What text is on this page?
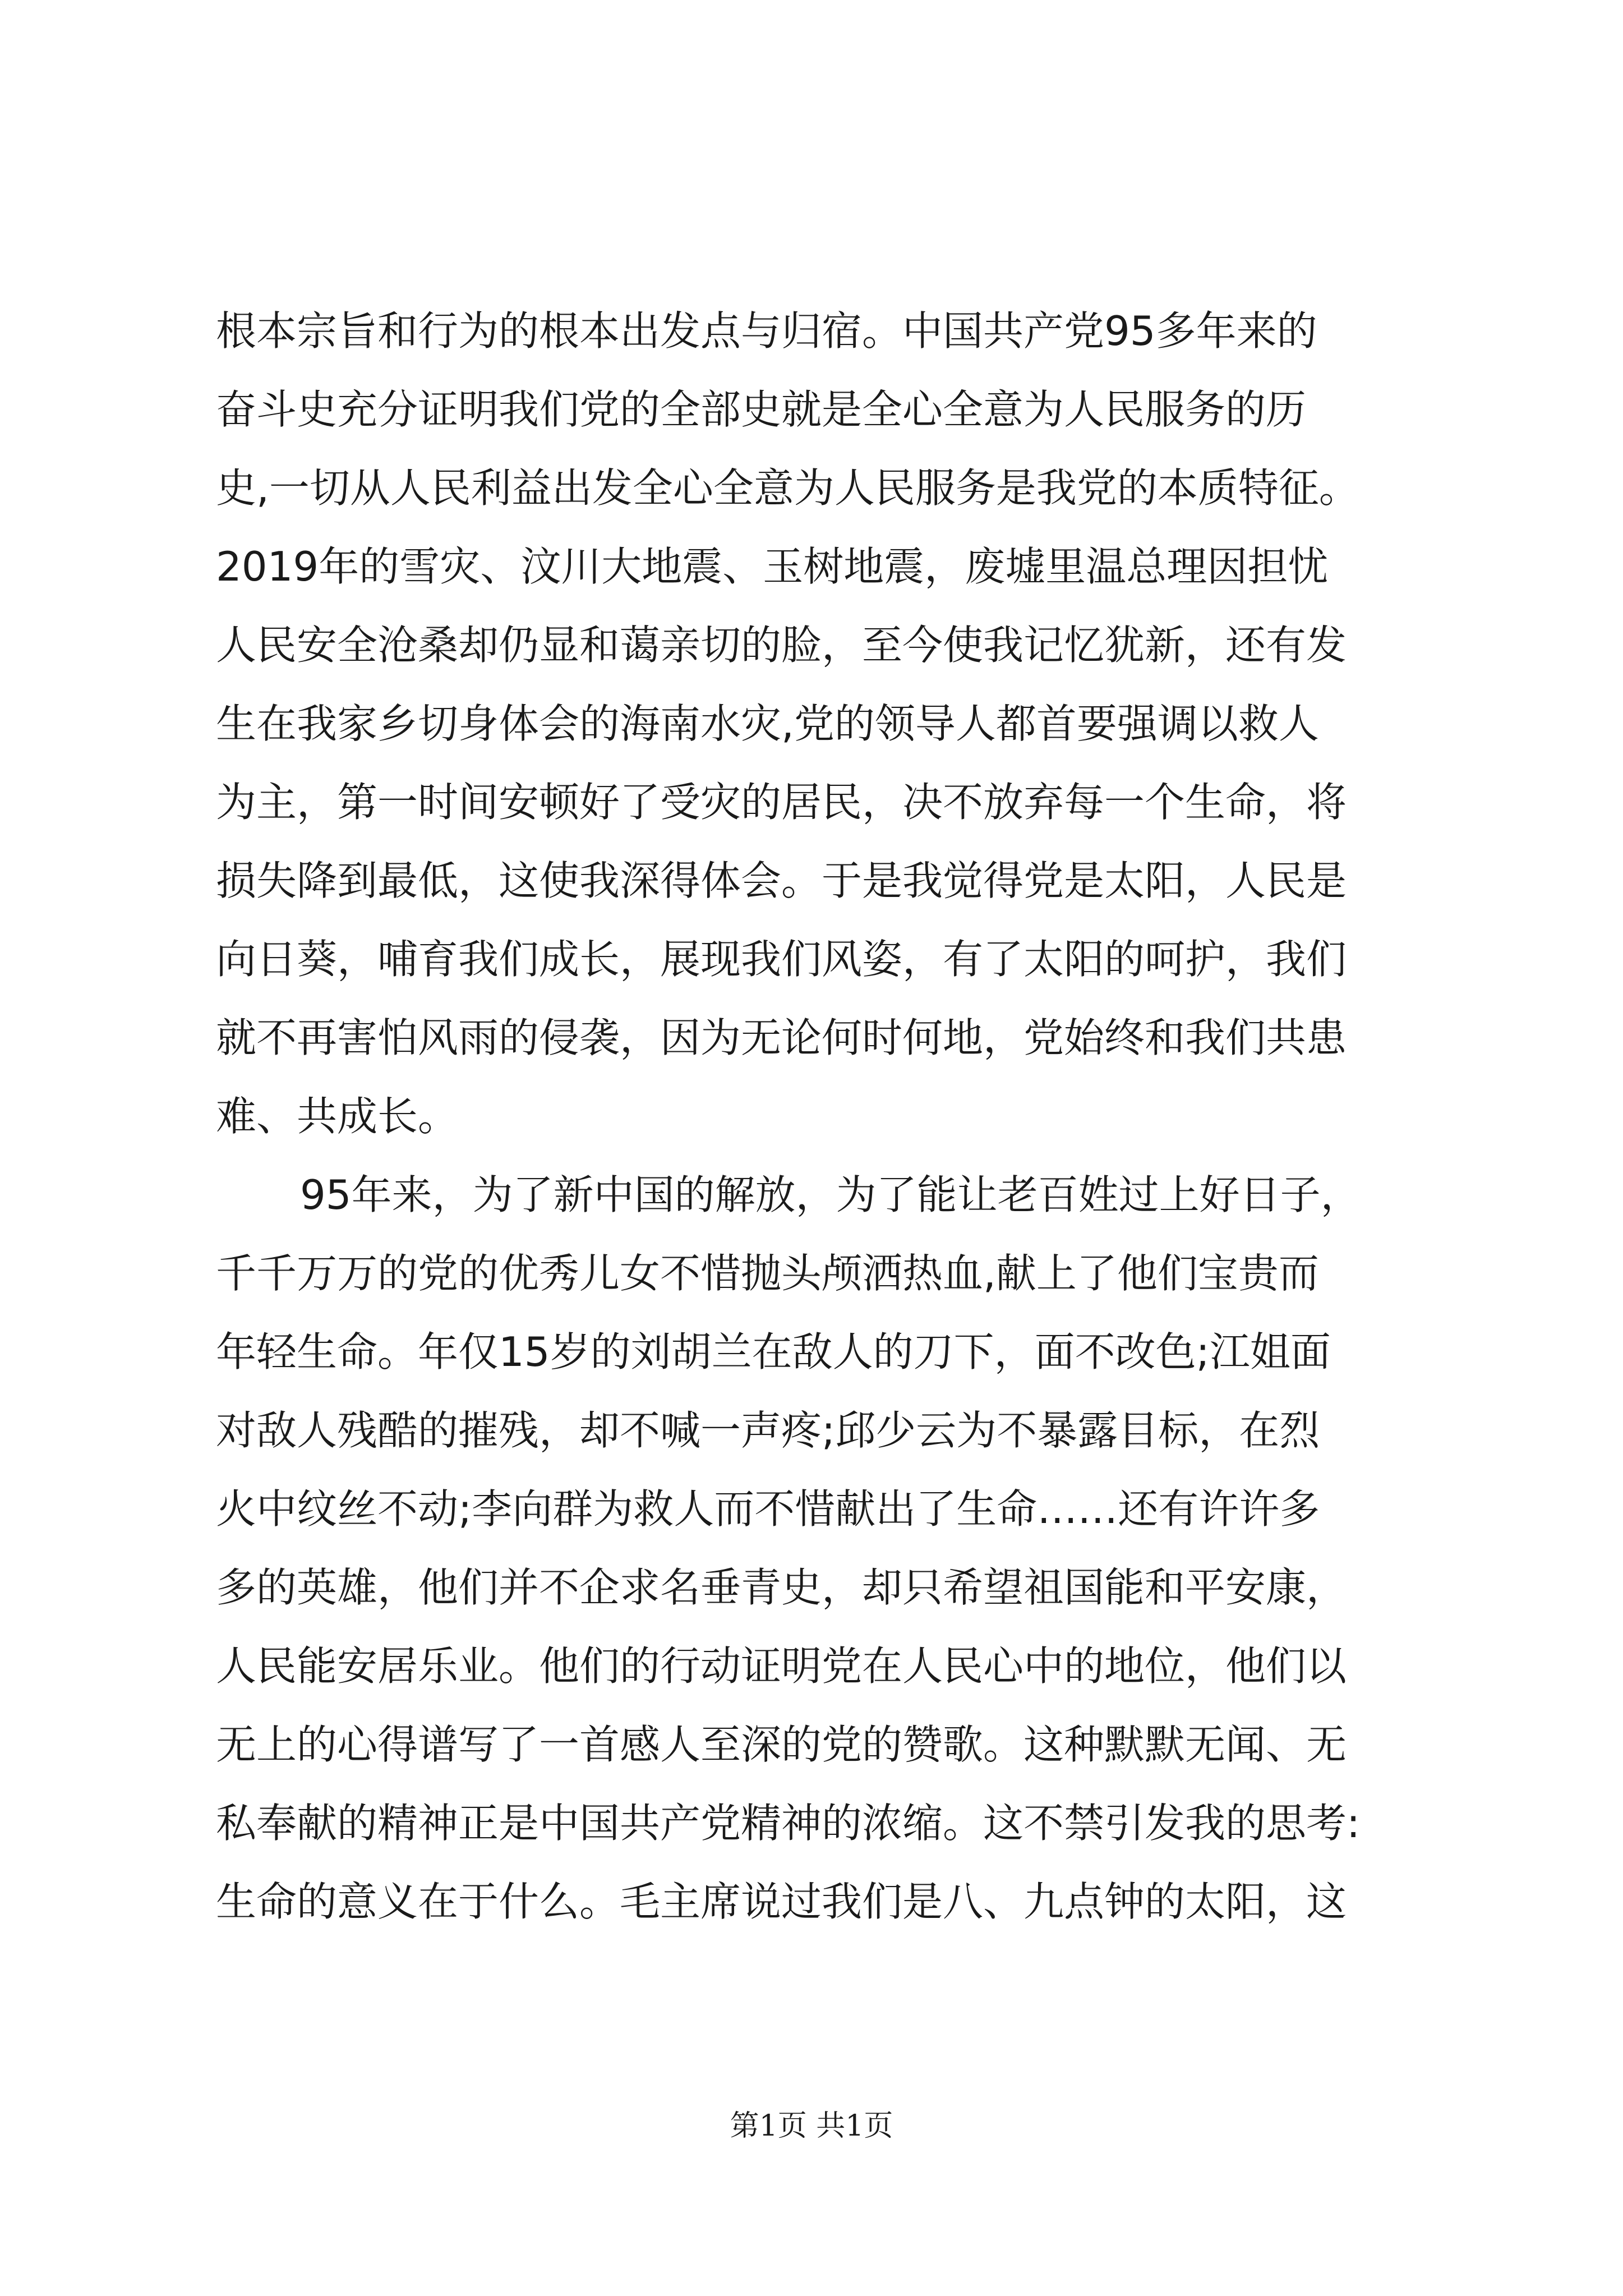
根本宗旨和行为的根本出发点与归宿。中国共产党95多年来的
奋斗史充分证明我们党的全部史就是全心全意为人民服务的历
史,一切从人民利益出发全心全意为人民服务是我党的本质特征。
2019年的雪灾、汶川大地震、玉树地震，废墟里温总理因担忧
人民安全沧桑却仍显和蔼亲切的脸，至今使我记忆犹新，还有发
生在我家乡切身体会的海南水灾,党的领导人都首要强调以救人
为主，第一时间安顿好了受灾的居民，决不放弃每一个生命，将
损失降到最低，这使我深得体会。于是我觉得党是太阳，人民是
向日葵，哺育我们成长，展现我们风姿，有了太阳的呵护，我们
就不再害怕风雨的侵袭，因为无论何时何地，党始终和我们共患
难、共成长。
95年来，为了新中国的解放，为了能让老百姓过上好日子，
千千万万的党的优秀儿女不惜抛头颅洒热血,献上了他们宝贵而
年轻生命。年仅15岁的刘胡兰在敌人的刀下，面不改色;江姐面
对敌人残酷的摧残，却不喊一声疼;邱少云为不暴露目标，在烈
火中纹丝不动;李向群为救人而不惜献出了生命……还有许许多
多的英雄，他们并不企求名垂青史，却只希望祖国能和平安康，
人民能安居乐业。他们的行动证明党在人民心中的地位，他们以
无上的心得谱写了一首感人至深的党的赞歌。这种默默无闻、无
私奉献的精神正是中国共产党精神的浓缩。这不禁引发我的思考:
生命的意义在于什么。毛主席说过我们是八、九点钟的太阳，这
第1页 共1页
